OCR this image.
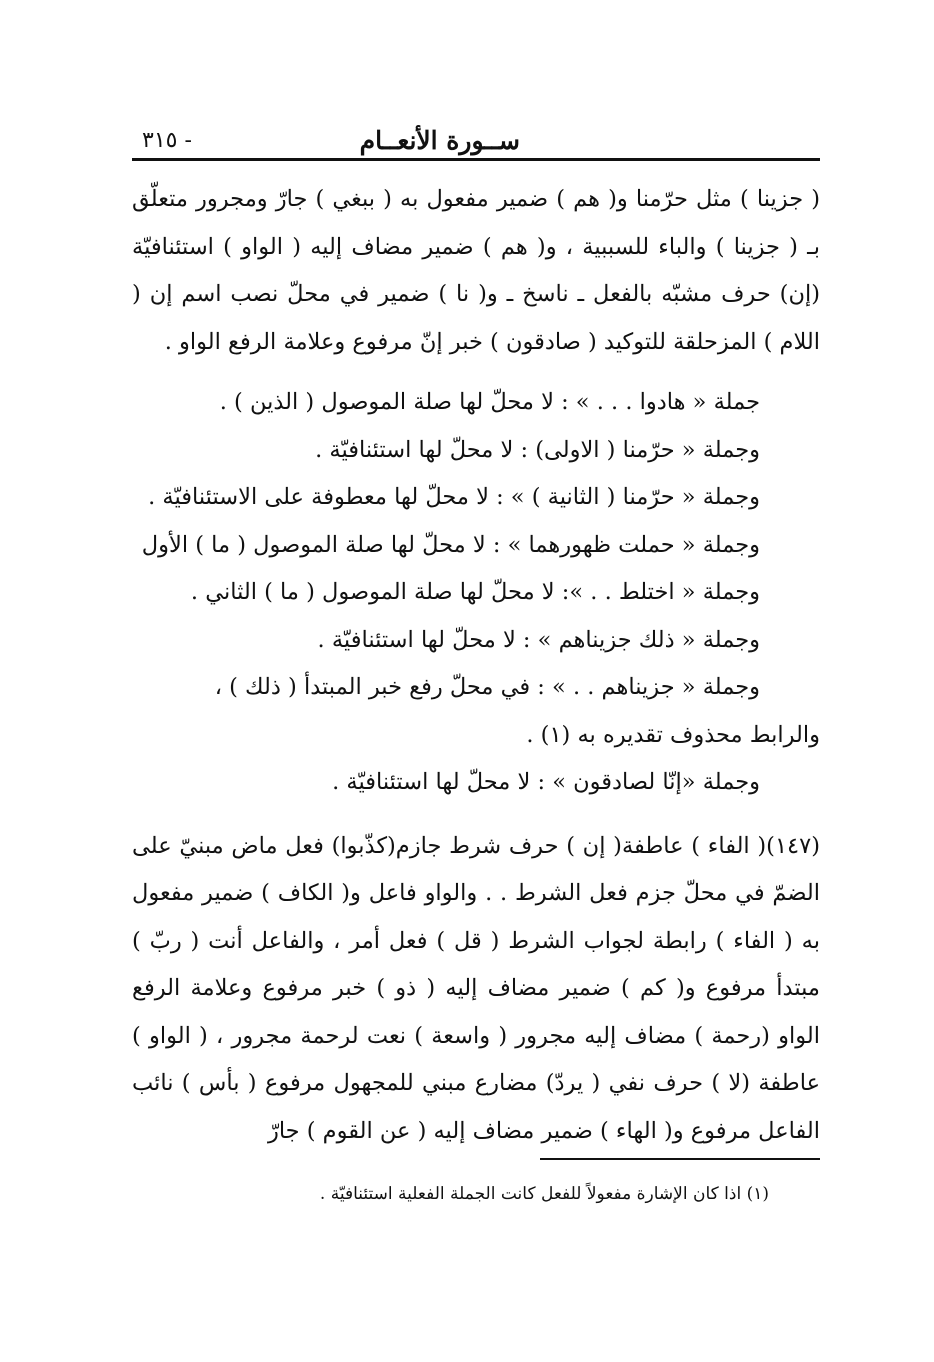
ســورة الأنعــام
- ٣١٥

( جزينا ) مثل حرّمنا و( هم ) ضمير مفعول به ( ببغي ) جارّ ومجرور متعلّق بـ ( جزينا ) والباء للسببية ، و( هم ) ضمير مضاف إليه ( الواو ) استئنافيّة (إن) حرف مشبّه بالفعل ـ ناسخ ـ و( نا ) ضمير في محلّ نصب اسم إن ( اللام ) المزحلقة للتوكيد ( صادقون ) خبر إنّ مرفوع وعلامة الرفع الواو .

جملة « هادوا . . . » : لا محلّ لها صلة الموصول ( الذين ) .

وجملة « حرّمنا ( الاولى) : لا محلّ لها استئنافيّة .

وجملة « حرّمنا ( الثانية ) » : لا محلّ لها معطوفة على الاستئنافيّة .

وجملة « حملت ظهورهما » : لا محلّ لها صلة الموصول ( ما ) الأول

وجملة « اختلط . . »: لا محلّ لها صلة الموصول ( ما ) الثاني .

وجملة « ذلك جزيناهم » : لا محلّ لها استئنافيّة .

وجملة « جزيناهم . . » : في محلّ رفع خبر المبتدأ ( ذلك ) ،

والرابط محذوف تقديره به (١) .

وجملة «إنّا لصادقون » : لا محلّ لها استئنافيّة .

(١٤٧)( الفاء ) عاطفة( إن ) حرف شرط جازم(كذّبوا) فعل ماض مبنيّ على الضمّ في محلّ جزم فعل الشرط . . والواو فاعل و( الكاف ) ضمير مفعول به ( الفاء ) رابطة لجواب الشرط ( قل ) فعل أمر ، والفاعل أنت ( ربّ ) مبتدأ مرفوع و( كم ) ضمير مضاف إليه ( ذو ) خبر مرفوع وعلامة الرفع الواو (رحمة ) مضاف إليه مجرور ( واسعة ) نعت لرحمة مجرور ، ( الواو ) عاطفة (لا ) حرف نفي ( يردّ) مضارع مبني للمجهول مرفوع ( بأس ) نائب الفاعل مرفوع و( الهاء ) ضمير مضاف إليه ( عن القوم ) جارّ

(١) اذا كان الإشارة مفعولاً للفعل كانت الجملة الفعلية استئنافيّة .
